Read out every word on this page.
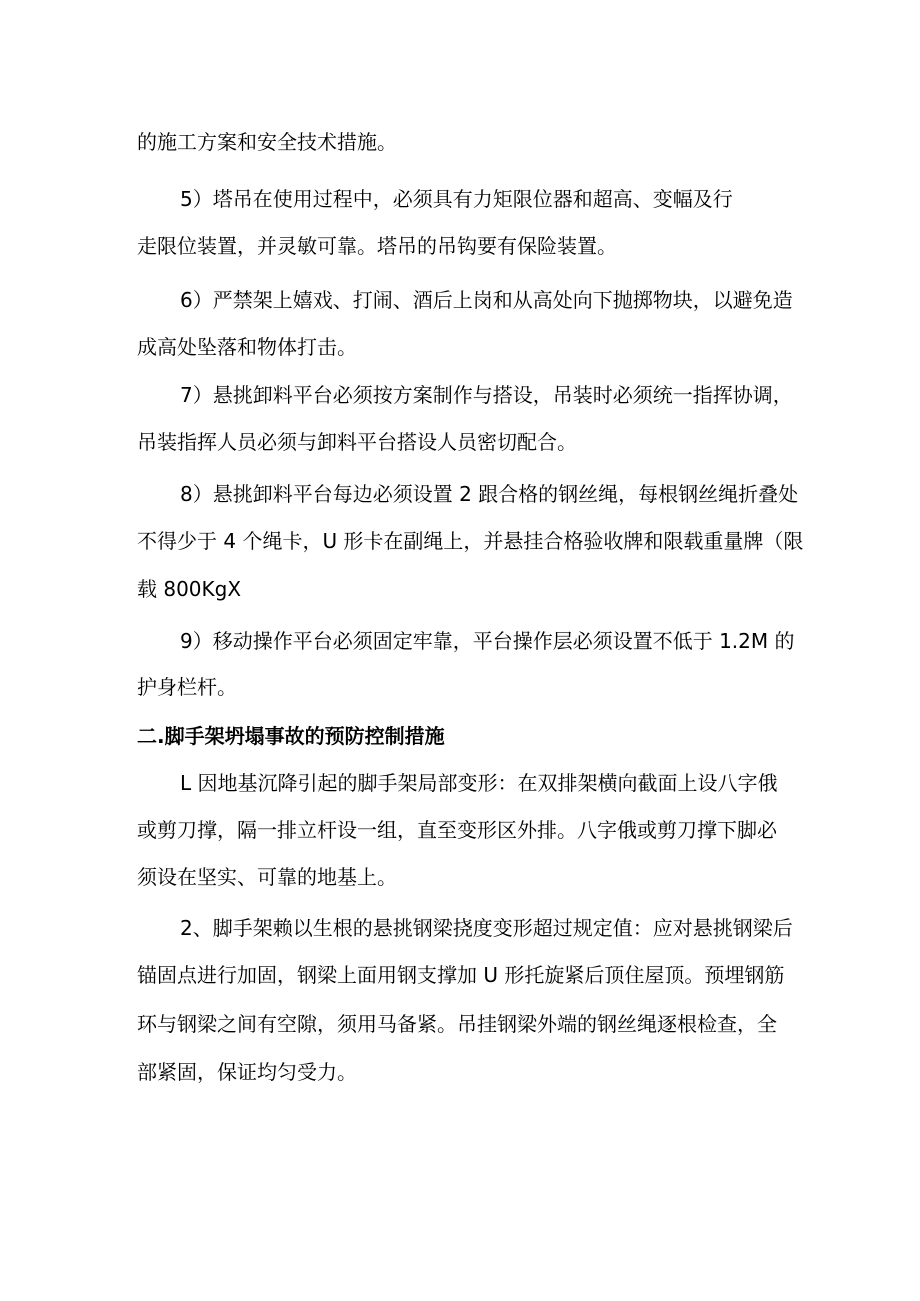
的施工方案和安全技术措施。
5）塔吊在使用过程中，必须具有力矩限位器和超高、变幅及行
走限位装置，并灵敏可靠。塔吊的吊钩要有保险装置。
6）严禁架上嬉戏、打闹、酒后上岗和从高处向下抛掷物块，以避免造
成高处坠落和物体打击。
7）悬挑卸料平台必须按方案制作与搭设，吊装时必须统一指挥协调，
吊装指挥人员必须与卸料平台搭设人员密切配合。
8）悬挑卸料平台每边必须设置 2 跟合格的钢丝绳，每根钢丝绳折叠处
不得少于 4 个绳卡，U 形卡在副绳上，并悬挂合格验收牌和限载重量牌（限
载 800KgX
9）移动操作平台必须固定牢靠，平台操作层必须设置不低于 1.2M 的
护身栏杆。
二.脚手架坍塌事故的预防控制措施
L 因地基沉降引起的脚手架局部变形：在双排架横向截面上设八字俄
或剪刀撑，隔一排立杆设一组，直至变形区外排。八字俄或剪刀撑下脚必
须设在坚实、可靠的地基上。
2、脚手架赖以生根的悬挑钢梁挠度变形超过规定值：应对悬挑钢梁后
锚固点进行加固，钢梁上面用钢支撑加 U 形托旋紧后顶住屋顶。预埋钢筋
环与钢梁之间有空隙，须用马备紧。吊挂钢梁外端的钢丝绳逐根检查，全
部紧固，保证均匀受力。
